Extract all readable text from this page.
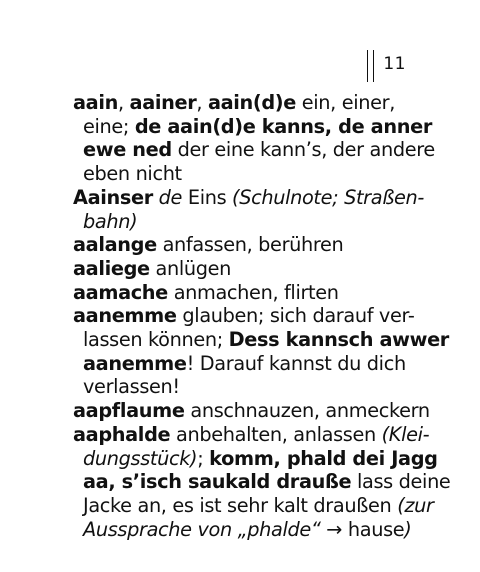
11
aain, aainer, aain(d)e ein, einer,
eine; de aain(d)e kanns, de anner
ewe ned der eine kann’s, der andere
eben nicht
Aainser de Eins (Schulnote; Straßen-
bahn)
aalange anfassen, berühren
aaliege anlügen
aamache anmachen, flirten
aanemme glauben; sich darauf ver-
lassen können; Dess kannsch awwer
aanemme! Darauf kannst du dich
verlassen!
aapflaume anschnauzen, anmeckern
aaphalde anbehalten, anlassen (Klei-
dungsstück); komm, phald dei Jagg
aa, s’isch saukald drauße lass deine
Jacke an, es ist sehr kalt draußen (zur
Aussprache von „phalde“ → hause)
